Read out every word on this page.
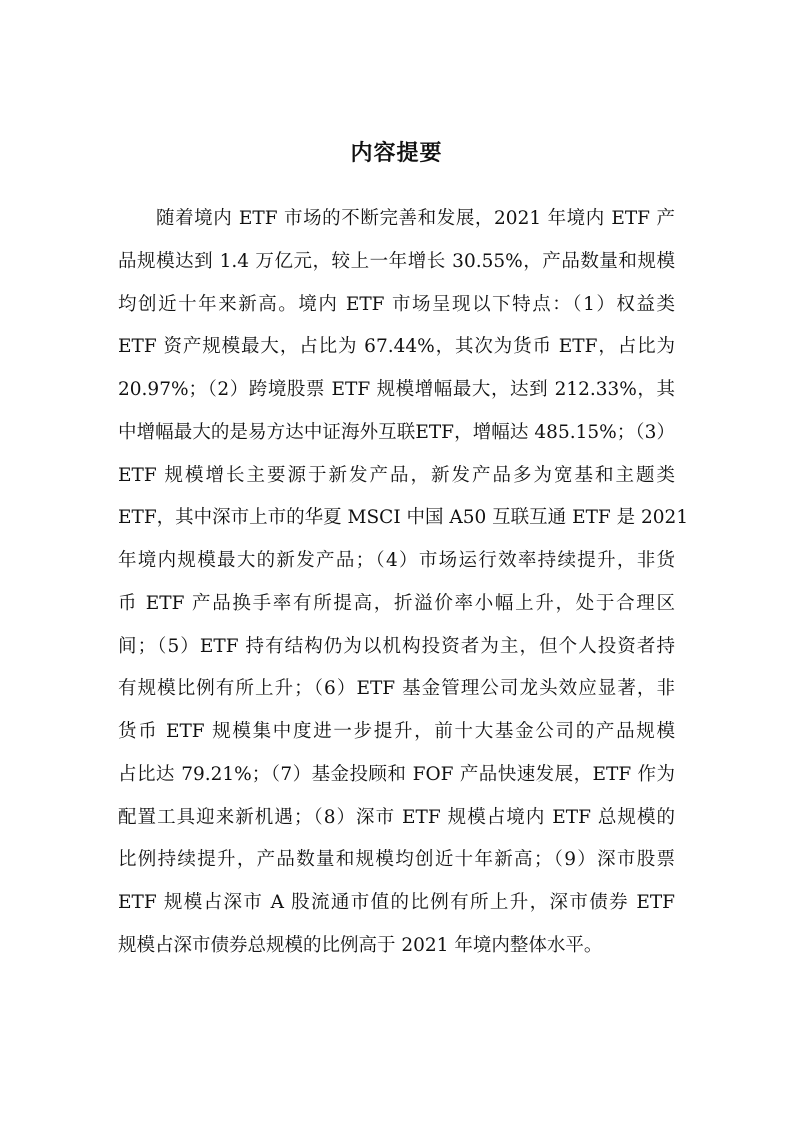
内容提要
随着境内 ETF 市场的不断完善和发展，2021 年境内 ETF 产
品规模达到 1.4 万亿元，较上一年增长 30.55%，产品数量和规模
均创近十年来新高。境内 ETF 市场呈现以下特点：（1）权益类
ETF 资产规模最大，占比为 67.44%，其次为货币 ETF，占比为
20.97%；（2）跨境股票 ETF 规模增幅最大，达到 212.33%，其
中增幅最大的是易方达中证海外互联ETF，增幅达 485.15%；（3）
ETF 规模增长主要源于新发产品，新发产品多为宽基和主题类
ETF，其中深市上市的华夏 MSCI 中国 A50 互联互通 ETF 是 2021
年境内规模最大的新发产品；（4）市场运行效率持续提升，非货
币 ETF 产品换手率有所提高，折溢价率小幅上升，处于合理区
间；（5）ETF 持有结构仍为以机构投资者为主，但个人投资者持
有规模比例有所上升；（6）ETF 基金管理公司龙头效应显著，非
货币 ETF 规模集中度进一步提升，前十大基金公司的产品规模
占比达 79.21%；（7）基金投顾和 FOF 产品快速发展，ETF 作为
配置工具迎来新机遇；（8）深市 ETF 规模占境内 ETF 总规模的
比例持续提升，产品数量和规模均创近十年新高；（9）深市股票
ETF 规模占深市 A 股流通市值的比例有所上升，深市债券 ETF
规模占深市债券总规模的比例高于 2021 年境内整体水平。
